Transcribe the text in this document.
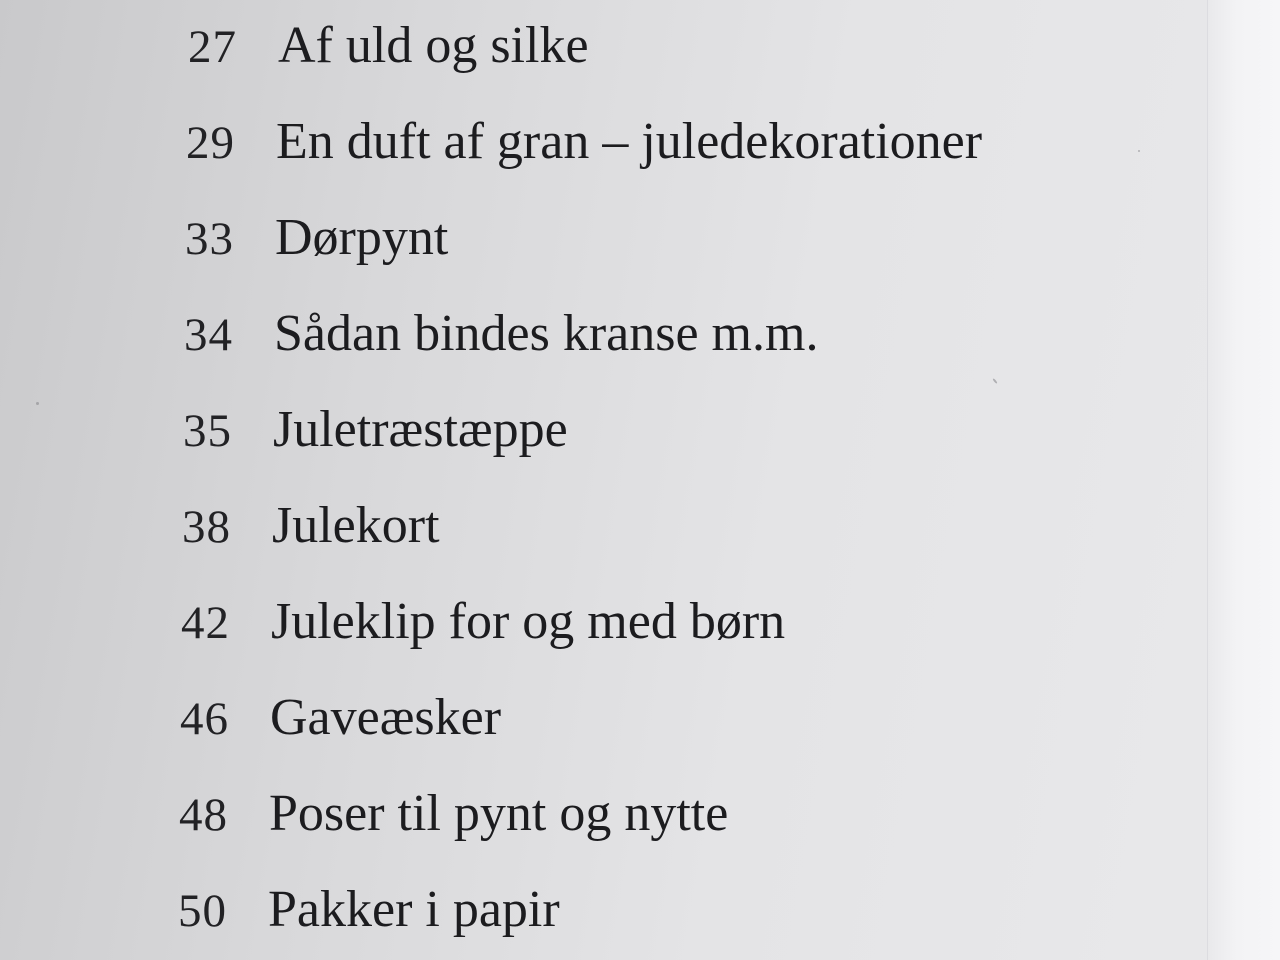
27 Af uld og silke
29 En duft af gran – juledekorationer
33 Dørpynt
34 Sådan bindes kranse m.m.
35 Juletræstæppe
38 Julekort
42 Juleklip for og med børn
46 Gaveæsker
48 Poser til pynt og nytte
50 Pakker i papir
